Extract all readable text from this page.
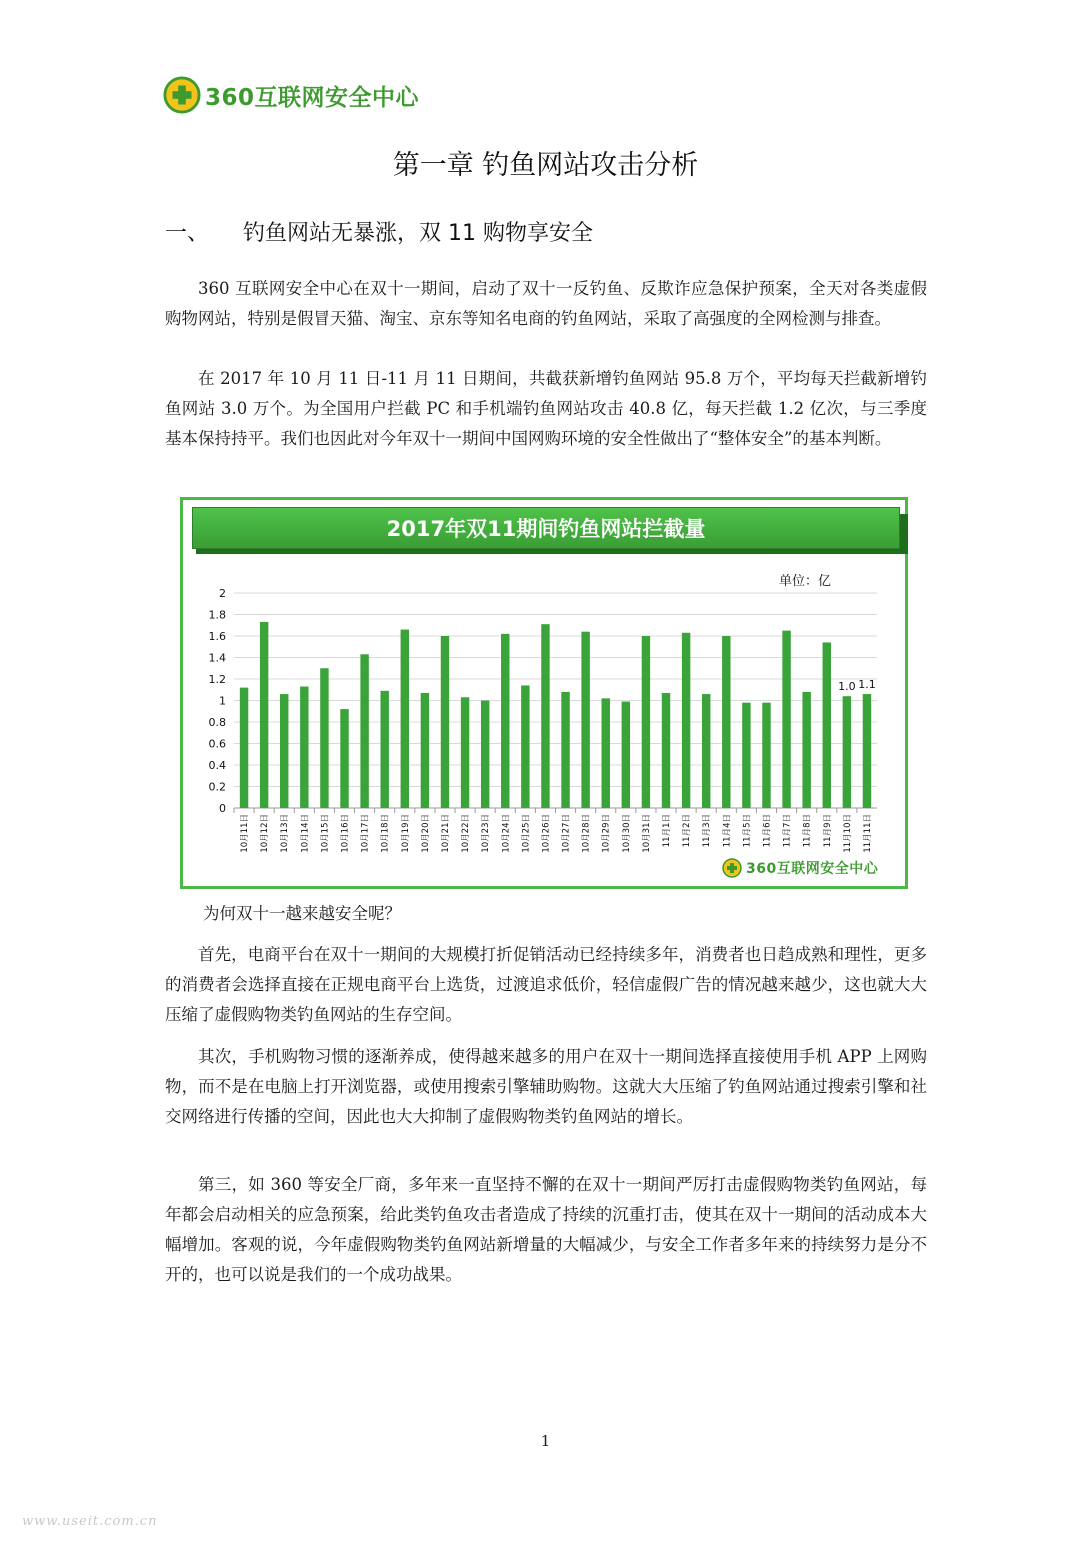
360互联网安全中心
第一章 钓鱼网站攻击分析
一、	钓鱼网站无暴涨，双 11 购物享安全

360 互联网安全中心在双十一期间，启动了双十一反钓鱼、反欺诈应急保护预案，全天对各类虚假购物网站，特别是假冒天猫、淘宝、京东等知名电商的钓鱼网站，采取了高强度的全网检测与排查。

在 2017 年 10 月 11 日-11 月 11 日期间，共截获新增钓鱼网站 95.8 万个，平均每天拦截新增钓鱼网站 3.0 万个。为全国用户拦截 PC 和手机端钓鱼网站攻击 40.8 亿，每天拦截 1.2 亿次，与三季度基本保持持平。我们也因此对今年双十一期间中国网购环境的安全性做出了“整体安全”的基本判断。

2017年双11期间钓鱼网站拦截量
单位：亿
0
0.2
0.4
0.6
0.8
1
1.2
1.4
1.6
1.8
2
10月11日 10月12日 10月13日 10月14日 10月15日 10月16日 10月17日 10月18日 10月19日 10月20日 10月21日 10月22日 10月23日 10月24日 10月25日 10月26日 10月27日 10月28日 10月29日 10月30日 10月31日 11月1日 11月2日 11月3日 11月4日 11月5日 11月6日 11月7日 11月8日 11月9日 11月10日 11月11日
1.0 1.1
360互联网安全中心
为何双十一越来越安全呢？

首先，电商平台在双十一期间的大规模打折促销活动已经持续多年，消费者也日趋成熟和理性，更多的消费者会选择直接在正规电商平台上选货，过渡追求低价，轻信虚假广告的情况越来越少，这也就大大压缩了虚假购物类钓鱼网站的生存空间。

其次，手机购物习惯的逐渐养成，使得越来越多的用户在双十一期间选择直接使用手机 APP 上网购物，而不是在电脑上打开浏览器，或使用搜索引擎辅助购物。这就大大压缩了钓鱼网站通过搜索引擎和社交网络进行传播的空间，因此也大大抑制了虚假购物类钓鱼网站的增长。

第三，如 360 等安全厂商，多年来一直坚持不懈的在双十一期间严厉打击虚假购物类钓鱼网站，每年都会启动相关的应急预案，给此类钓鱼攻击者造成了持续的沉重打击，使其在双十一期间的活动成本大幅增加。客观的说，今年虚假购物类钓鱼网站新增量的大幅减少，与安全工作者多年来的持续努力是分不开的，也可以说是我们的一个成功战果。

1
www.useit.com.cn
